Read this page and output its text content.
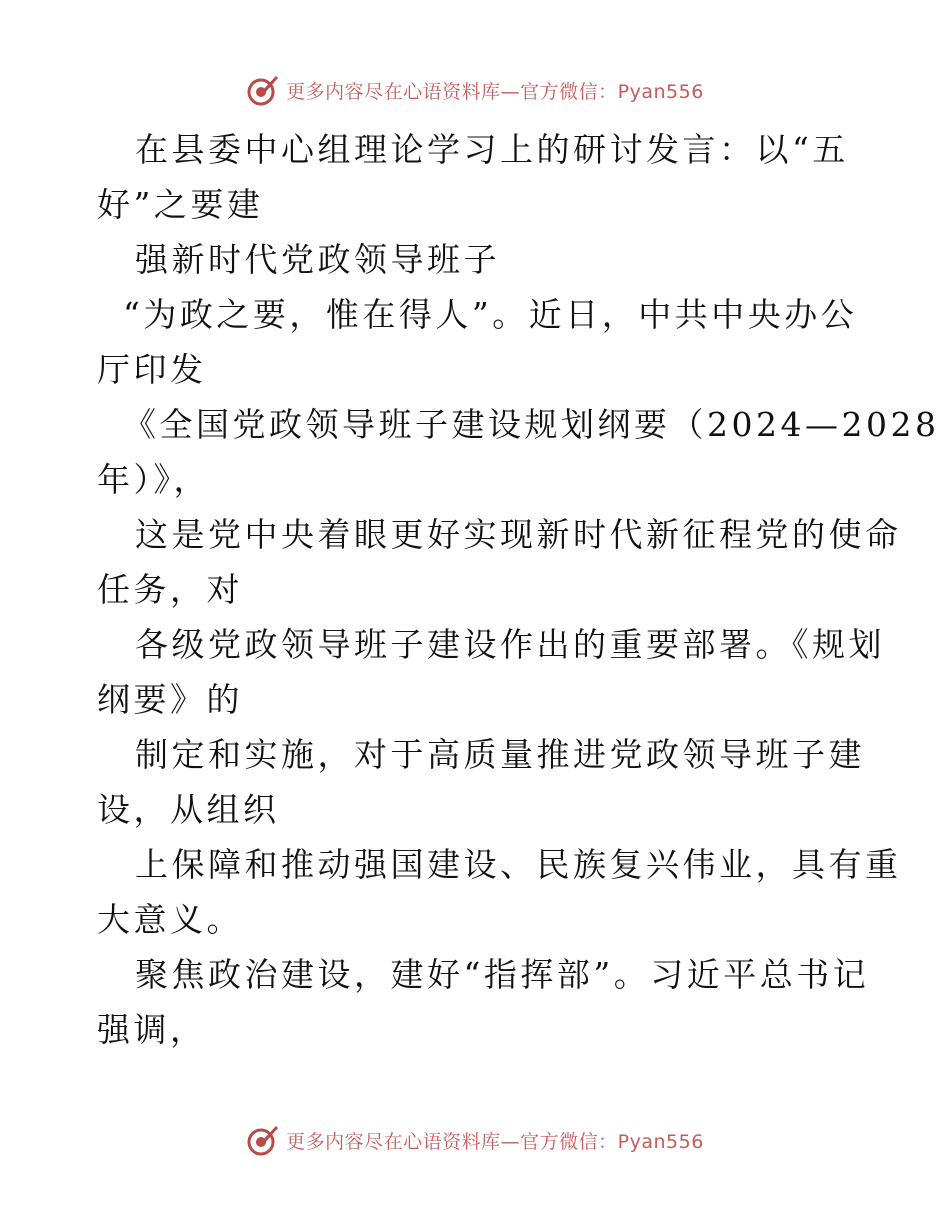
更多内容尽在心语资料库—官方微信：Pyan556
在县委中心组理论学习上的研讨发言：以“五
好”之要建
强新时代党政领导班子
“为政之要，惟在得人”。近日，中共中央办公
厅印发
《全国党政领导班子建设规划纲要（2024—2028
年）》，
这是党中央着眼更好实现新时代新征程党的使命
任务，对
各级党政领导班子建设作出的重要部署。《规划
纲要》的
制定和实施，对于高质量推进党政领导班子建
设，从组织
上保障和推动强国建设、民族复兴伟业，具有重
大意义。
聚焦政治建设，建好“指挥部”。习近平总书记
强调，
更多内容尽在心语资料库—官方微信：Pyan556
